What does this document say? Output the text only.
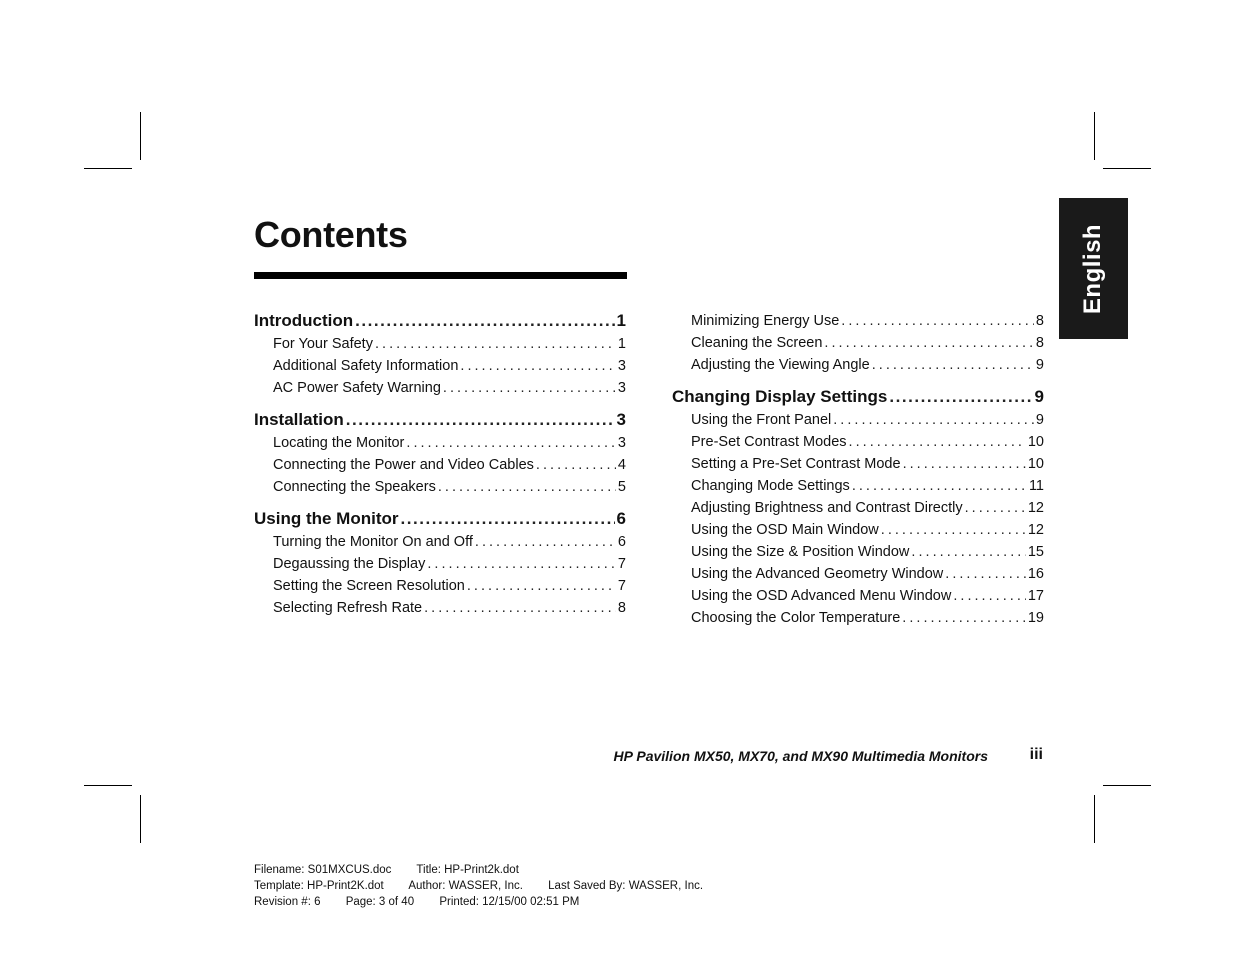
English
Contents
Introduction . . .	1
For Your Safety . . .	1
Additional Safety Information . . .	3
AC Power Safety Warning . . .	3
Installation . . .	3
Locating the Monitor . . .	3
Connecting the Power and Video Cables . . .	4
Connecting the Speakers . . .	5
Using the Monitor . . .	6
Turning the Monitor On and Off . . .	6
Degaussing the Display . . .	7
Setting the Screen Resolution . . .	7
Selecting Refresh Rate . . .	8
Minimizing Energy Use . . .	8
Cleaning the Screen . . .	8
Adjusting the Viewing Angle . . .	9
Changing Display Settings . . .	9
Using the Front Panel . . .	9
Pre-Set Contrast Modes . . .	10
Setting a Pre-Set Contrast Mode . . .	10
Changing Mode Settings . . .	11
Adjusting Brightness and Contrast Directly . . .	12
Using the OSD Main Window . . .	12
Using the Size & Position Window . . .	15
Using the Advanced Geometry Window . . .	16
Using the OSD Advanced Menu Window . . .	17
Choosing the Color Temperature . . .	19
HP Pavilion MX50, MX70, and MX90 Multimedia Monitors	iii
Filename: S01MXCUS.doc Title: HP-Print2k.dot
Template: HP-Print2K.dot Author: WASSER, Inc. Last Saved By: WASSER, Inc.
Revision #: 6 Page: 3 of 40 Printed: 12/15/00 02:51 PM
